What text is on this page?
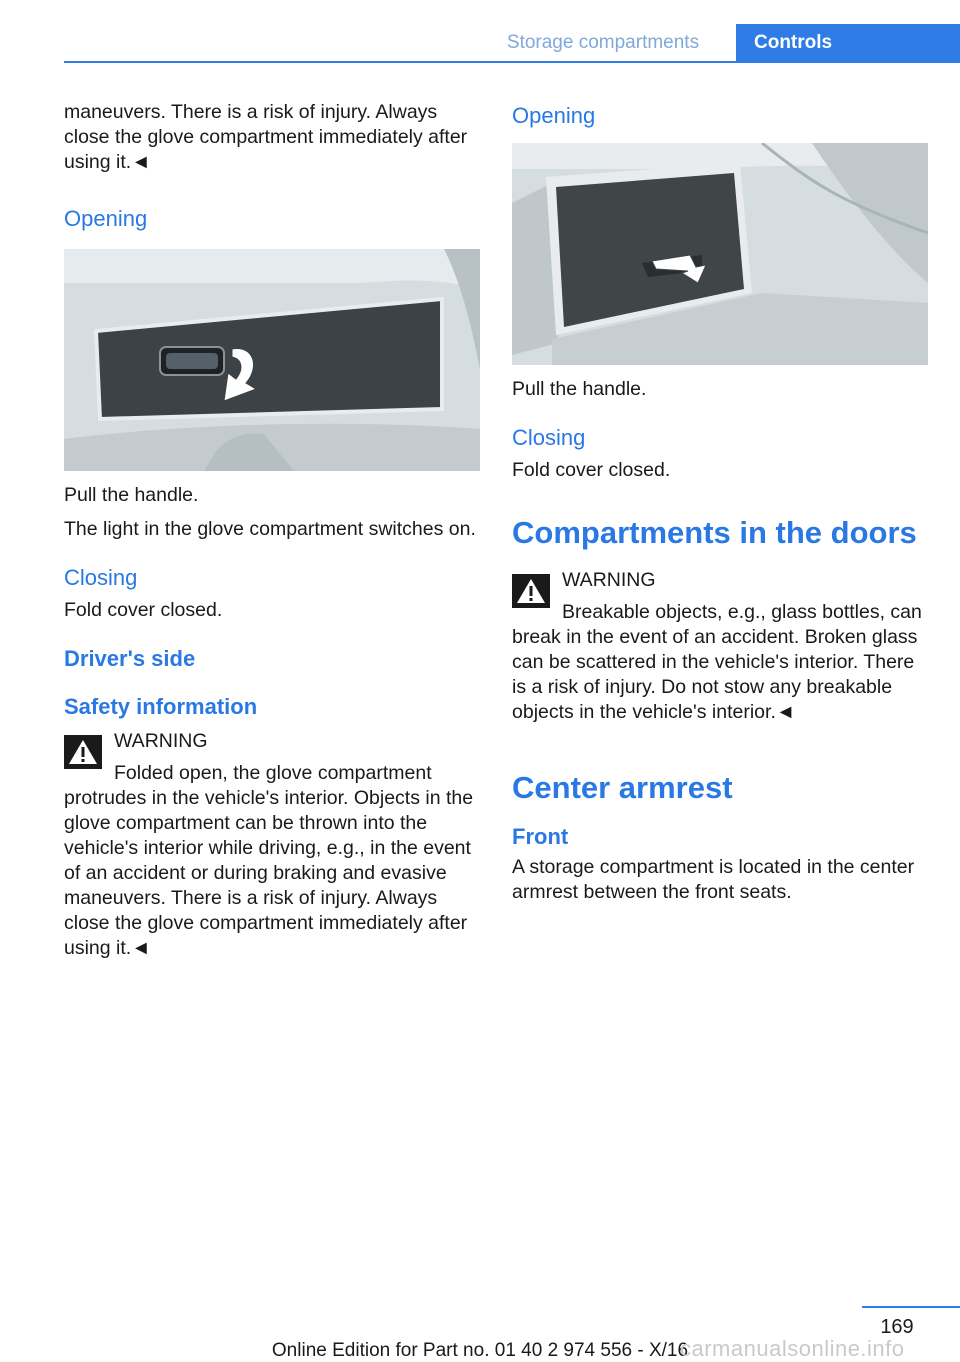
Storage compartments	Controls

maneuvers. There is a risk of injury. Always close the glove compartment immediately after using it.◄

Opening

Pull the handle.

The light in the glove compartment switches on.

Closing

Fold cover closed.

Driver's side
Safety information
WARNING
Folded open, the glove compartment protrudes in the vehicle's interior. Objects in the glove compartment can be thrown into the vehicle's interior while driving, e.g., in the event of an accident or during braking and evasive maneuvers. There is a risk of injury. Always close the glove compartment immediately after using it.◄
Opening

Pull the handle.

Closing

Fold cover closed.

Compartments in the doors
WARNING
Breakable objects, e.g., glass bottles, can break in the event of an accident. Broken glass can be scattered in the vehicle's interior. There is a risk of injury. Do not stow any breakable objects in the vehicle's interior.◄
Center armrest
Front

A storage compartment is located in the center armrest between the front seats.

169
Online Edition for Part no. 01 40 2 974 556 - X/16
carmanualsonline.info
